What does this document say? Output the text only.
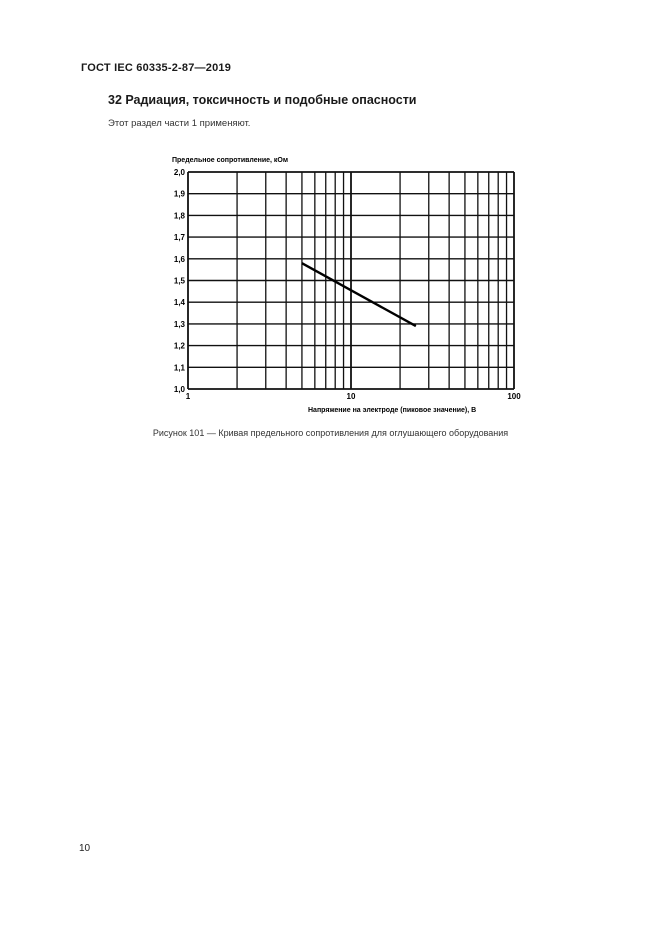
ГОСТ IEC 60335-2-87—2019
32 Радиация, токсичность и подобные опасности
Этот раздел части 1 применяют.
Предельное сопротивление, кОм
1,0
1,1
1,2
1,3
1,4
1,5
1,6
1,7
1,8
1,9
2,0
1	10	100
Напряжение на электроде (пиковое значение), В
Рисунок 101 — Кривая предельного сопротивления для оглушающего оборудования
10
